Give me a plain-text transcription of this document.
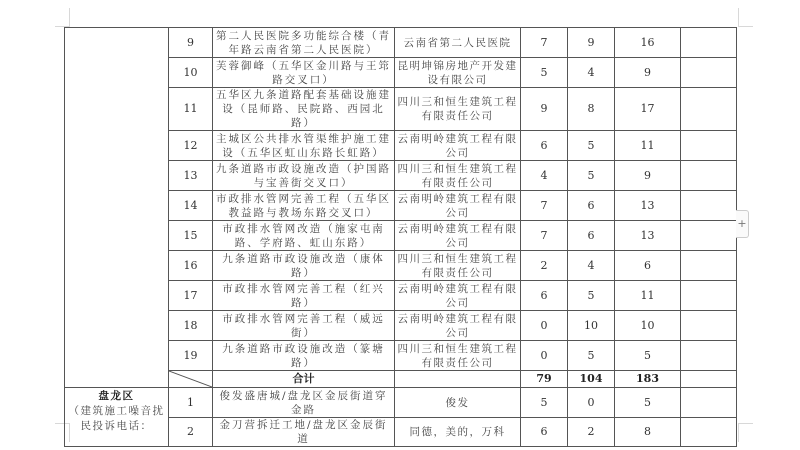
	9	第二人民医院多功能综合楼（青年路云南省第二人民医院）	云南省第二人民医院	7	9	16	
	10	芙蓉御峰（五华区金川路与王筇路交叉口）	昆明坤锦房地产开发建设有限公司	5	4	9	
	11	五华区九条道路配套基础设施建设（昆师路、民院路、西园北路）	四川三和恒生建筑工程有限责任公司	9	8	17	
	12	主城区公共排水管渠维护施工建设（五华区虹山东路长虹路）	云南明岭建筑工程有限公司	6	5	11	
	13	九条道路市政设施改造（护国路与宝善街交叉口）	四川三和恒生建筑工程有限责任公司	4	5	9	
	14	市政排水管网完善工程（五华区教益路与教场东路交叉口）	云南明岭建筑工程有限公司	7	6	13	
	15	市政排水管网改造（施家屯南路、学府路、虹山东路）	云南明岭建筑工程有限公司	7	6	13	
	16	九条道路市政设施改造（康体路）	四川三和恒生建筑工程有限责任公司	2	4	6	
	17	市政排水管网完善工程（红兴路）	云南明岭建筑工程有限公司	6	5	11	
	18	市政排水管网完善工程（威远街）	云南明岭建筑工程有限公司	0	10	10	
	19	九条道路市政设施改造（篆塘路）	四川三和恒生建筑工程有限责任公司	0	5	5	

	合计		79	104	183	

盘龙区
（建筑施工噪音扰民投诉电话：	1	俊发盛唐城/盘龙区金辰街道穿金路	俊发	5	0	5	
	2	金刀营拆迁工地/盘龙区金辰街道	同德，美的，万科	6	2	8	
+
